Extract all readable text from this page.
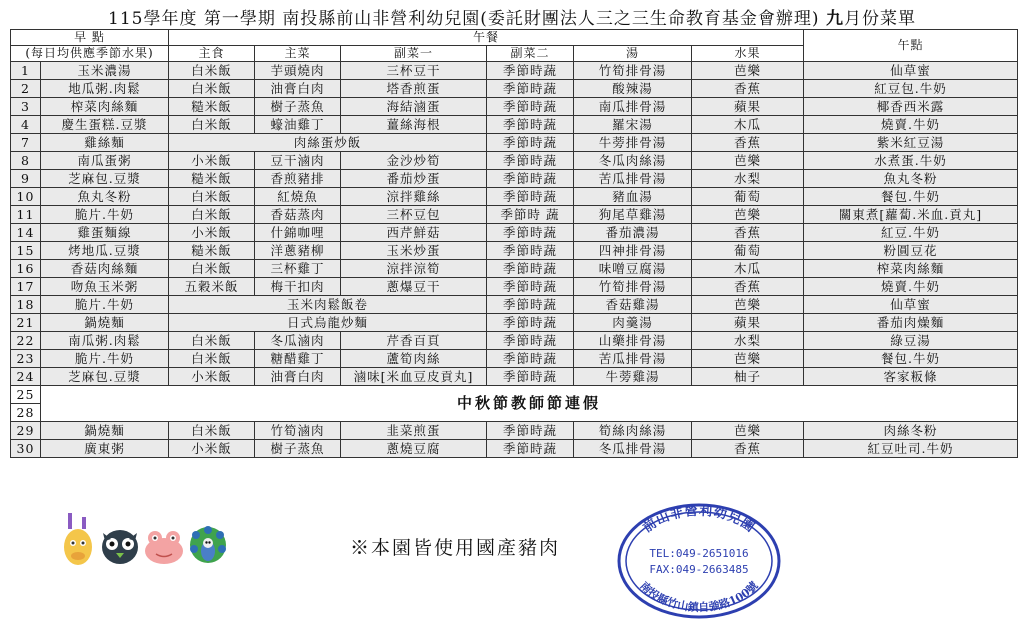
115學年度 第一學期 南投縣前山非營利幼兒園(委託財團法人三之三生命教育基金會辦理) 九月份菜單
早 點		午餐						午點
(每日均供應季節水果)		主食	主菜	副菜一	副菜二	湯	水果	
1	玉米濃湯	白米飯	芋頭燒肉	三杯豆干	季節時蔬	竹筍排骨湯	芭樂	仙草蜜
2	地瓜粥.肉鬆	白米飯	油膏白肉	塔香煎蛋	季節時蔬	酸辣湯	香蕉	紅豆包.牛奶
3	榨菜肉絲麵	糙米飯	樹子蒸魚	海結滷蛋	季節時蔬	南瓜排骨湯	蘋果	椰香西米露
4	慶生蛋糕.豆漿	白米飯	蠔油雞丁	薑絲海根	季節時蔬	羅宋湯	木瓜	燒賣.牛奶
7	雞絲麵	肉絲蛋炒飯			季節時蔬	牛蒡排骨湯	香蕉	紫米紅豆湯
8	南瓜蛋粥	小米飯	豆干滷肉	金沙炒筍	季節時蔬	冬瓜肉絲湯	芭樂	水煮蛋.牛奶
9	芝麻包.豆漿	糙米飯	香煎豬排	番茄炒蛋	季節時蔬	苦瓜排骨湯	水梨	魚丸冬粉
10	魚丸冬粉	白米飯	紅燒魚	涼拌雞絲	季節時蔬	豬血湯	葡萄	餐包.牛奶
11	脆片.牛奶	白米飯	香菇蒸肉	三杯豆包	季節時 蔬	狗尾草雞湯	芭樂	關東煮[蘿蔔.米血.貢丸]
14	雞蛋麵線	小米飯	什錦咖哩	西芹鮮菇	季節時蔬	番茄濃湯	香蕉	紅豆.牛奶
15	烤地瓜.豆漿	糙米飯	洋蔥豬柳	玉米炒蛋	季節時蔬	四神排骨湯	葡萄	粉圓豆花
16	香菇肉絲麵	白米飯	三杯雞丁	涼拌涼筍	季節時蔬	味噌豆腐湯	木瓜	榨菜肉絲麵
17	吻魚玉米粥	五穀米飯	梅干扣肉	蔥爆豆干	季節時蔬	竹筍排骨湯	香蕉	燒賣.牛奶
18	脆片.牛奶	玉米肉鬆飯卷			季節時蔬	香菇雞湯	芭樂	仙草蜜
21	鍋燒麵	日式烏龍炒麵			季節時蔬	肉羹湯	蘋果	番茄肉燥麵
22	南瓜粥.肉鬆	白米飯	冬瓜滷肉	芹香百頁	季節時蔬	山藥排骨湯	水梨	綠豆湯
23	脆片.牛奶	白米飯	糖醋雞丁	蘆筍肉絲	季節時蔬	苦瓜排骨湯	芭樂	餐包.牛奶
24	芝麻包.豆漿	小米飯	油膏白肉	滷味[米血豆皮貢丸]	季節時蔬	牛蒡雞湯	柚子	客家粄條
25	中秋節教師節連假							
28								
29	鍋燒麵	白米飯	竹筍滷肉	韭菜煎蛋	季節時蔬	筍絲肉絲湯	芭樂	肉絲冬粉
30	廣東粥	小米飯	樹子蒸魚	蔥燒豆腐	季節時蔬	冬瓜排骨湯	香蕉	紅豆吐司.牛奶
※本園皆使用國產豬肉
前山非營利幼兒園
TEL:049-2651016
FAX:049-2663485
南投縣竹山鎮自強路100號
